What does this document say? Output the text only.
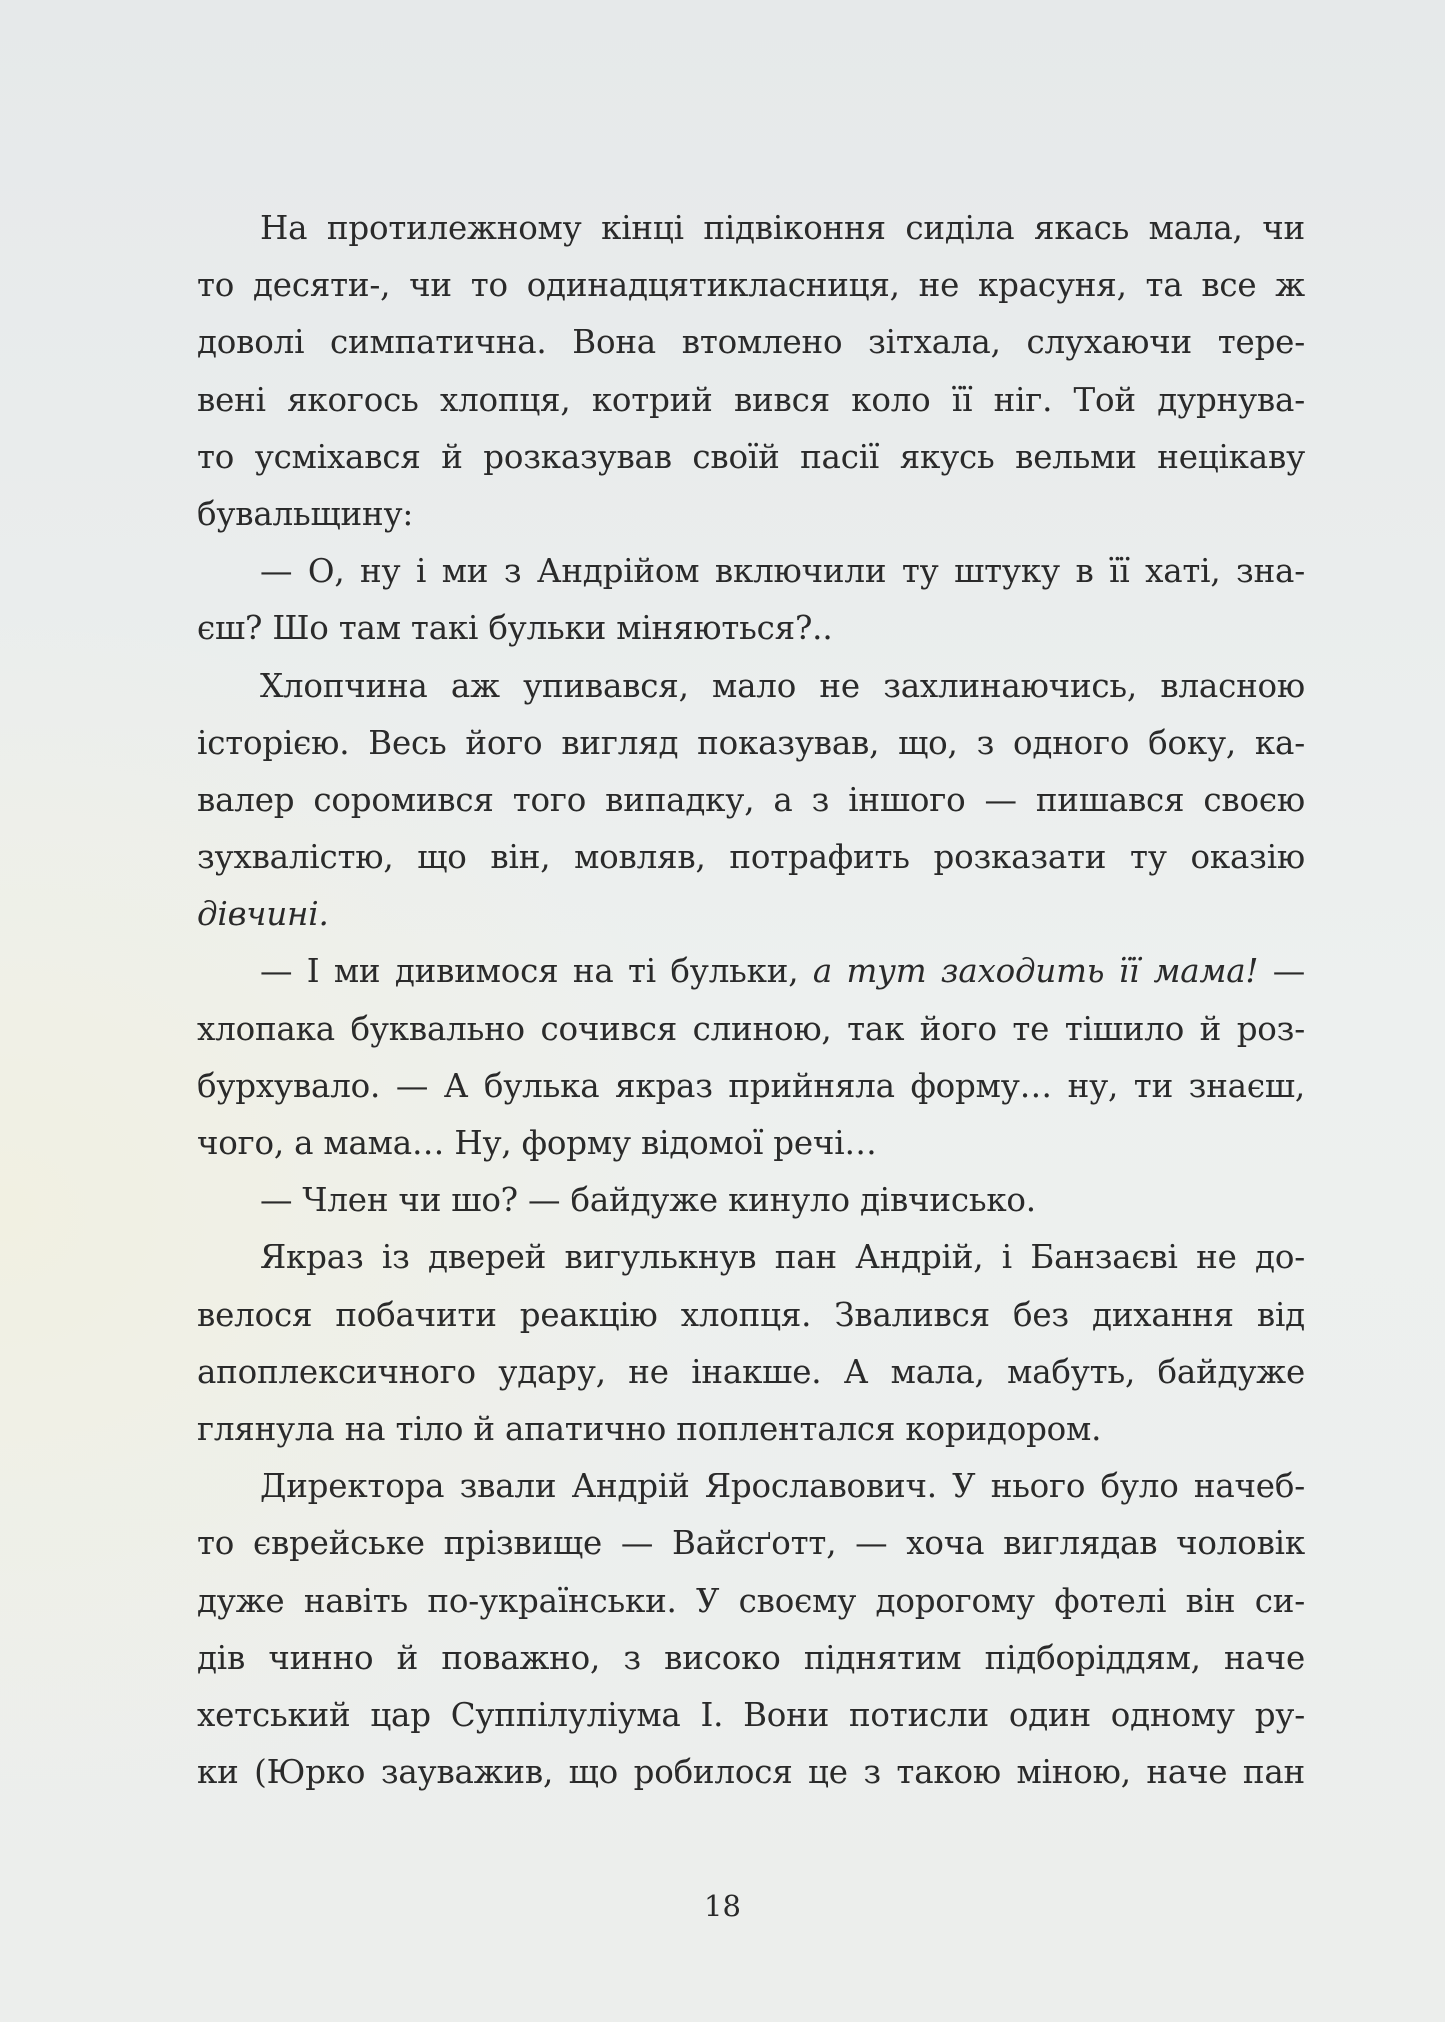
На протилежному кінці підвіконня сиділа якась мала, чи
то десяти-, чи то одинадцятикласниця, не красуня, та все ж
доволі симпатична. Вона втомлено зітхала, слухаючи тере-
вені якогось хлопця, котрий вився коло її ніг. Той дурнува-
то усміхався й розказував своїй пасії якусь вельми нецікаву
бувальщину:
— О, ну і ми з Андрійом включили ту штуку в її хаті, зна-
єш? Шо там такі бульки міняються?..
Хлопчина аж упивався, мало не захлинаючись, власною
історією. Весь його вигляд показував, що, з одного боку, ка-
валер соромився того випадку, а з іншого — пишався своєю
зухвалістю, що він, мовляв, потрафить розказати ту оказію
дівчині.
— І ми дивимося на ті бульки, а тут заходить її мама! —
хлопака буквально сочився слиною, так його те тішило й роз-
бурхувало. — А булька якраз прийняла форму… ну, ти знаєш,
чого, а мама… Ну, форму відомої речі…
— Член чи шо? — байдуже кинуло дівчисько.
Якраз із дверей вигулькнув пан Андрій, і Банзаєві не до-
велося побачити реакцію хлопця. Звалився без дихання від
апоплексичного удару, не інакше. А мала, мабуть, байдуже
глянула на тіло й апатично поплентался коридором.
Директора звали Андрій Ярославович. У нього було начеб-
то єврейське прізвище — Вайсґотт, — хоча виглядав чоловік
дуже навіть по-українськи. У своєму дорогому фотелі він си-
дів чинно й поважно, з високо піднятим підборіддям, наче
хетський цар Суппілуліума І. Вони потисли один одному ру-
ки (Юрко зауважив, що робилося це з такою міною, наче пан
18
